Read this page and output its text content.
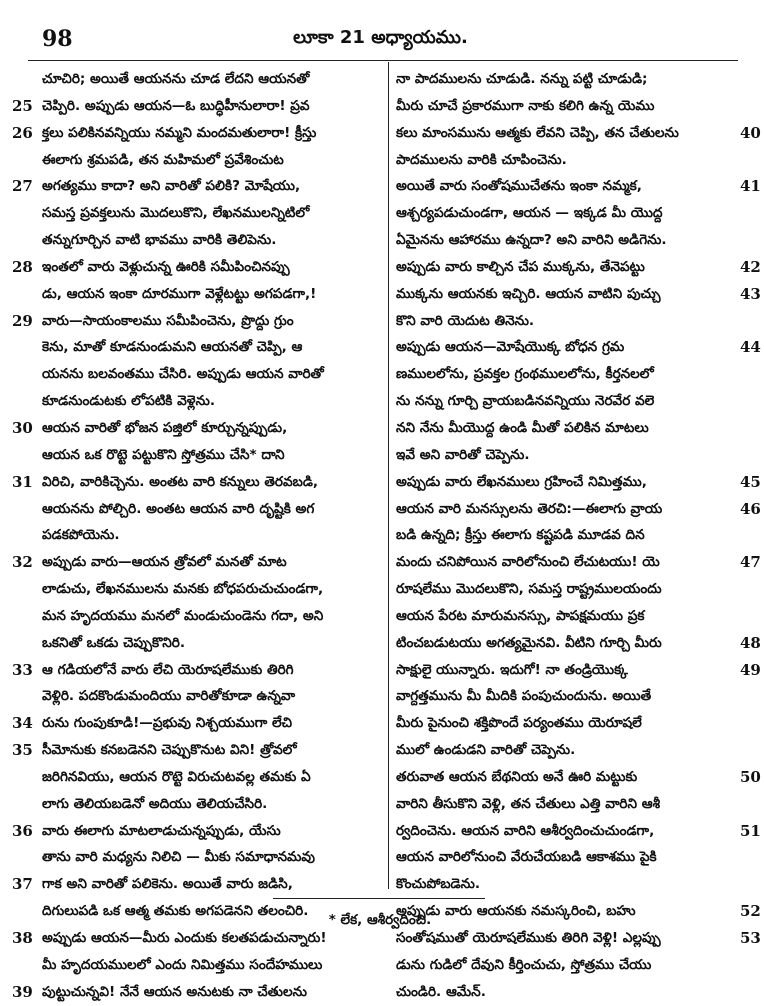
98	లూకా 21 అధ్యాయము.
చూచిరి; అయితే ఆయనను చూడ లేదని ఆయనతో
25 చెప్పిరి. అప్పుడు ఆయన—ఓ బుద్ధిహీనులారా! ప్రవ
26 క్తలు పలికినవన్నియు నమ్మని మందమతులారా! క్రీస్తు
ఈలాగు శ్రమపడి, తన మహిమలో ప్రవేశించుట
27 అగత్యము కాదా? అని వారితో పలికి? మోషేయు,
సమస్త ప్రవక్తలును మొదలుకొని, లేఖనములన్నిటిలో
తన్నుగూర్చిన వాటి భావము వారికి తెలిపెను.
28 ఇంతలో వారు వెళ్లుచున్న ఊరికి సమీపించినప్పు
డు, ఆయన ఇంకా దూరముగా వెళ్లేటట్టు అగపడగా,!
29 వారు—సాయంకాలము సమీపించెను, ప్రొద్దు గ్రుం
కెను, మాతో కూడనుండుమని ఆయనతో చెప్పి, ఆ
యనను బలవంతము చేసిరి. అప్పుడు ఆయన వారితో
కూడనుండుటకు లోపటికి వెళ్లెను.
30 ఆయన వారితో భోజన పజ్తిలో కూర్చున్నప్పుడు,
ఆయన ఒక రొట్టె పట్టుకొని స్తోత్రము చేసి* దాని
31 విరిచి, వారికిచ్చెను. అంతట వారి కన్నులు తెరవబడి,
ఆయనను పోల్చిరి. అంతట ఆయన వారి దృష్టికి అగ
పడకపోయెను.
32 అప్పుడు వారు—ఆయన త్రోవలో మనతో మాట
లాడుచు, లేఖనములను మనకు బోధపరుచుచుండగా,
మన హృదయము మనలో మండుచుండెను గదా, అని
ఒకనితో ఒకడు చెప్పుకొనిరి.
33 ఆ గడియలోనే వారు లేచి యెరూషలేముకు తిరిగి
వెళ్లిరి. పదకొండుమందియు వారితోకూడా ఉన్నవా
34 రును గుంపుకూడి!—ప్రభువు నిశ్చయముగా లేచి
35 సీమోనుకు కనబడెనని చెప్పుకొనుట విని! త్రోవలో
జరిగినవియు, ఆయన రొట్టె విరుచుటవల్ల తమకు ఏ
లాగు తెలియబడెనో అదియు తెలియచేసిరి.
36 వారు ఈలాగు మాటలాడుచున్నప్పుడు, యేసు
తాను వారి మధ్యను నిలిచి — మీకు సమాధానమవు
37 గాక అని వారితో పలికెను. అయితే వారు జడిసి,
దిగులుపడి ఒక ఆత్మ తమకు అగపడెనని తలంచిరి.
38 అప్పుడు ఆయన—మీరు ఎందుకు కలతపడుచున్నారు!
మీ హృదయములలో ఎందు నిమిత్తము సందేహములు
39 పుట్టుచున్నవి! నేనే ఆయన అనుటకు నా చేతులను
నా పాదములను చూడుడి. నన్ను పట్టి చూడుడి;
మీరు చూచే ప్రకారముగా నాకు కలిగి ఉన్న యెము
40
కలు మాంసమును ఆత్మకు లేవని చెప్పి, తన చేతులను
పాదములను వారికి చూపించెను.
41
అయితే వారు సంతోషముచేతను ఇంకా నమ్మక,
ఆశ్చర్యపడుచుండగా, ఆయన — ఇక్కడ మీ యొద్ద
ఏమైనను ఆహారము ఉన్నదా? అని వారిని అడిగెను.
42
అప్పుడు వారు కాల్చిన చేప ముక్కను, తేనెపట్టు
43
ముక్కను ఆయనకు ఇచ్చిరి. ఆయన వాటిని పుచ్చు
కొని వారి యెదుట తినెను.
44
అప్పుడు ఆయన—మోషేయొక్క బోధన గ్రమ
ణములలోను, ప్రవక్తల గ్రంథములలోను, కీర్తనలలో
ను నన్ను గూర్చి వ్రాయబడినవన్నియు నెరవేర వలె
నని నేను మీయొద్ద ఉండి మీతో పలికిన మాటలు
ఇవే అని వారితో చెప్పెను.
45
అప్పుడు వారు లేఖనములు గ్రహించే నిమిత్తము,
46
ఆయన వారి మనస్సులను తెరచి:—ఈలాగు వ్రాయ
బడి ఉన్నది; క్రీస్తు ఈలాగు కష్టపడి మూడవ దిన
47
మందు చనిపోయిన వారిలోనుంచి లేచుటయు! యె
రూషలేము మొదలుకొని, సమస్త రాష్ట్రములయందు
ఆయన పేరట మారుమనస్సు, పాపక్షమయు ప్రక
48
టించబడుటయు అగత్యమైనవి. వీటిని గూర్చి మీరు
49
సాక్షులై యున్నారు. ఇదుగో! నా తండ్రియొక్క
వాగ్దత్తమును మీ మీదికి పంపుచుందును. అయితే
మీరు పైనుంచి శక్తిపొందే పర్యంతము యెరూషలే
ములో ఉండుడని వారితో చెప్పెను.
50
తరువాత ఆయన బేథనియ అనే ఊరి మట్టుకు
వారిని తీసుకొని వెళ్లి, తన చేతులు ఎత్తి వారిని ఆశీ
51
ర్వదించెను. ఆయన వారిని ఆశీర్వదించుచుండగా,
ఆయన వారిలోనుంచి వేరుచేయబడి ఆకాశము పైకి
కొంచుపోబడెను.
52
అప్పుడు వారు ఆయనకు నమస్కరించి, బహు
53
సంతోషముతో యెరూషలేముకు తిరిగి వెళ్లి! ఎల్లప్పు
డును గుడిలో దేవుని కీర్తించుచు, స్తోత్రము చేయు
చుండిరి. ఆమేన్.
* లేక, ఆశీర్వదించి.
